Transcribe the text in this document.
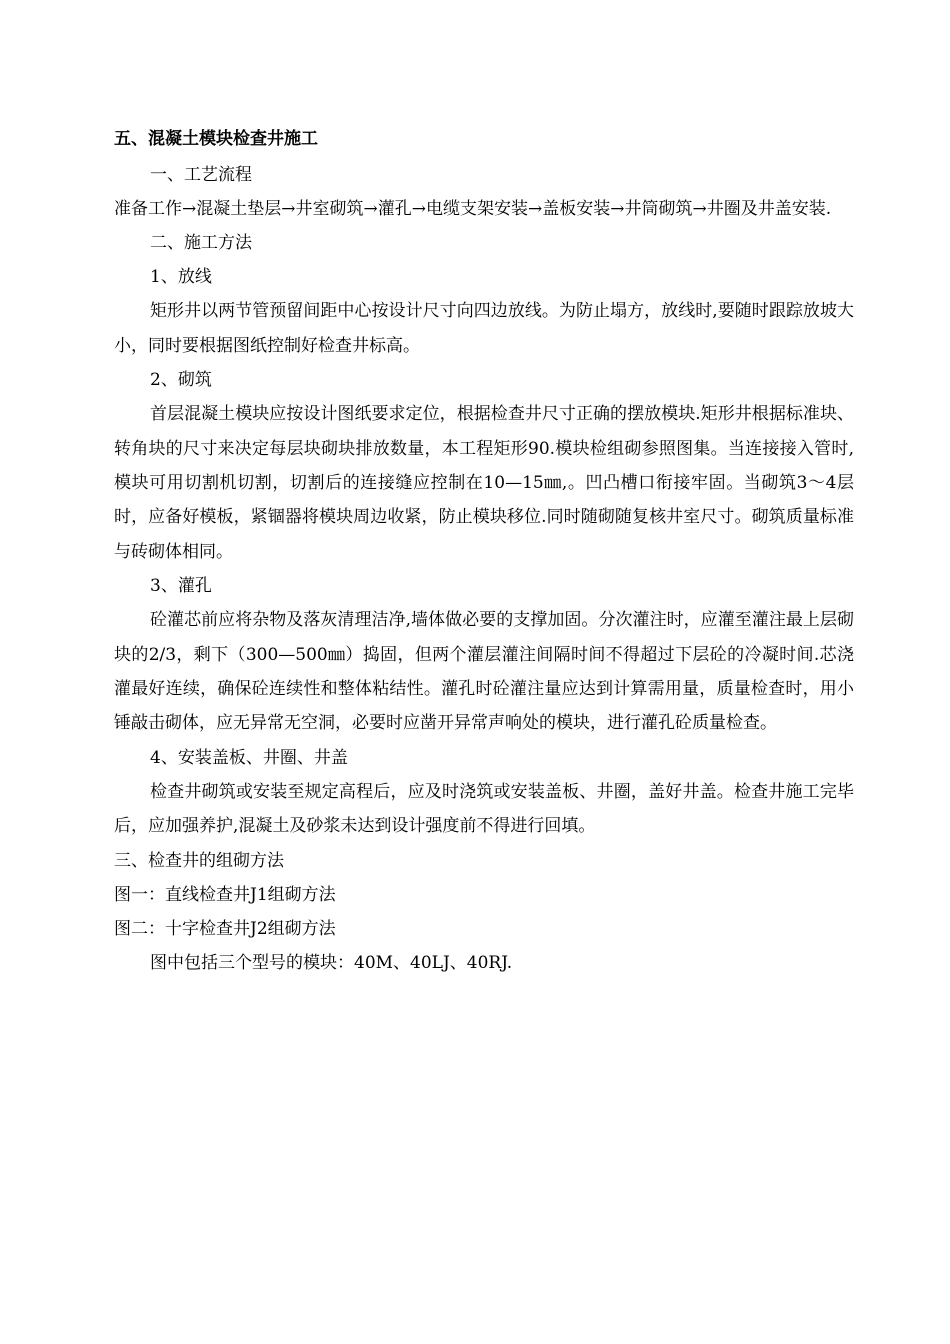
五、混凝土模块检查井施工
一、工艺流程
准备工作→混凝土垫层→井室砌筑→灌孔→电缆支架安装→盖板安装→井筒砌筑→井圈及井盖安装.
二、施工方法
1、放线
矩形井以两节管预留间距中心按设计尺寸向四边放线。为防止塌方，放线时,要随时跟踪放坡大小，同时要根据图纸控制好检查井标高。
2、砌筑
首层混凝土模块应按设计图纸要求定位，根据检查井尺寸正确的摆放模块.矩形井根据标准块、转角块的尺寸来决定每层块砌块排放数量，本工程矩形90.模块检组砌参照图集。当连接接入管时,模块可用切割机切割，切割后的连接缝应控制在10—15㎜,。凹凸槽口衔接牢固。当砌筑3～4层时，应备好模板，紧锢器将模块周边收紧，防止模块移位.同时随砌随复核井室尺寸。砌筑质量标准与砖砌体相同。
3、灌孔
砼灌芯前应将杂物及落灰清理洁净,墙体做必要的支撑加固。分次灌注时，应灌至灌注最上层砌块的2/3，剩下（300—500㎜）捣固，但两个灌层灌注间隔时间不得超过下层砼的冷凝时间.芯浇灌最好连续，确保砼连续性和整体粘结性。灌孔时砼灌注量应达到计算需用量，质量检查时，用小锤敲击砌体，应无异常无空洞，必要时应凿开异常声响处的模块，进行灌孔砼质量检查。
4、安装盖板、井圈、井盖
检查井砌筑或安装至规定高程后，应及时浇筑或安装盖板、井圈，盖好井盖。检查井施工完毕后，应加强养护,混凝土及砂浆未达到设计强度前不得进行回填。
三、检查井的组砌方法
图一：直线检查井J1组砌方法
图二：十字检查井J2组砌方法
图中包括三个型号的模块：40M、40LJ、40RJ.
